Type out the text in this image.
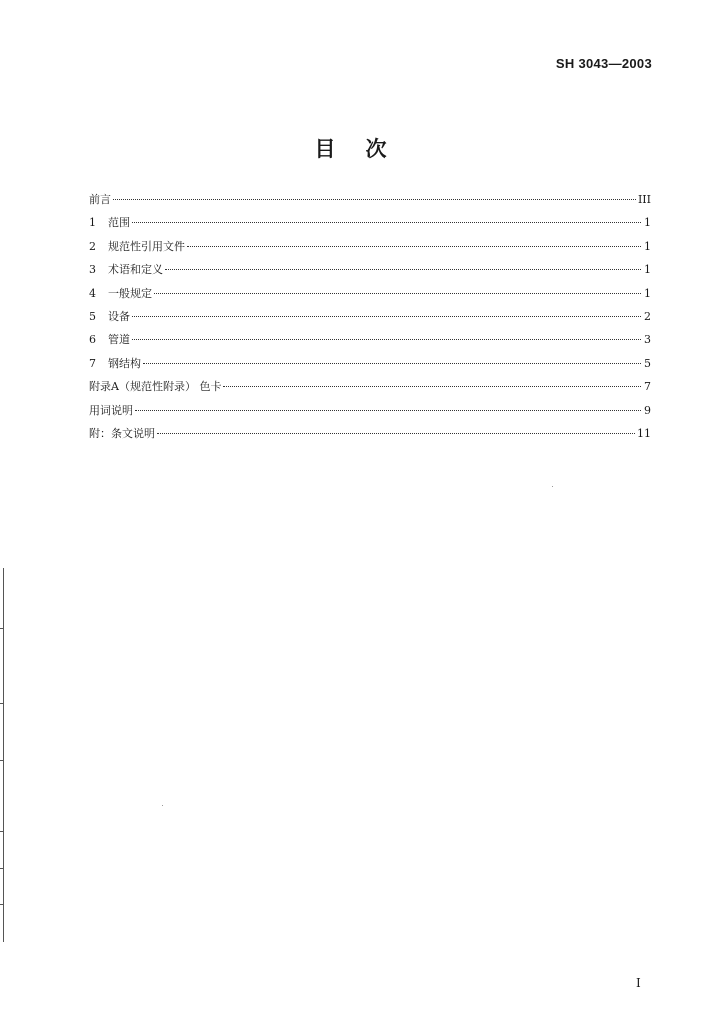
SH 3043—2003
目 次
前言	III
1	范围	1
2	规范性引用文件	1
3	术语和定义	1
4	一般规定	1
5	设备	2
6	管道	3
7	钢结构	5
附录A（规范性附录） 色卡	7
用词说明	9
附：条文说明	11
I
